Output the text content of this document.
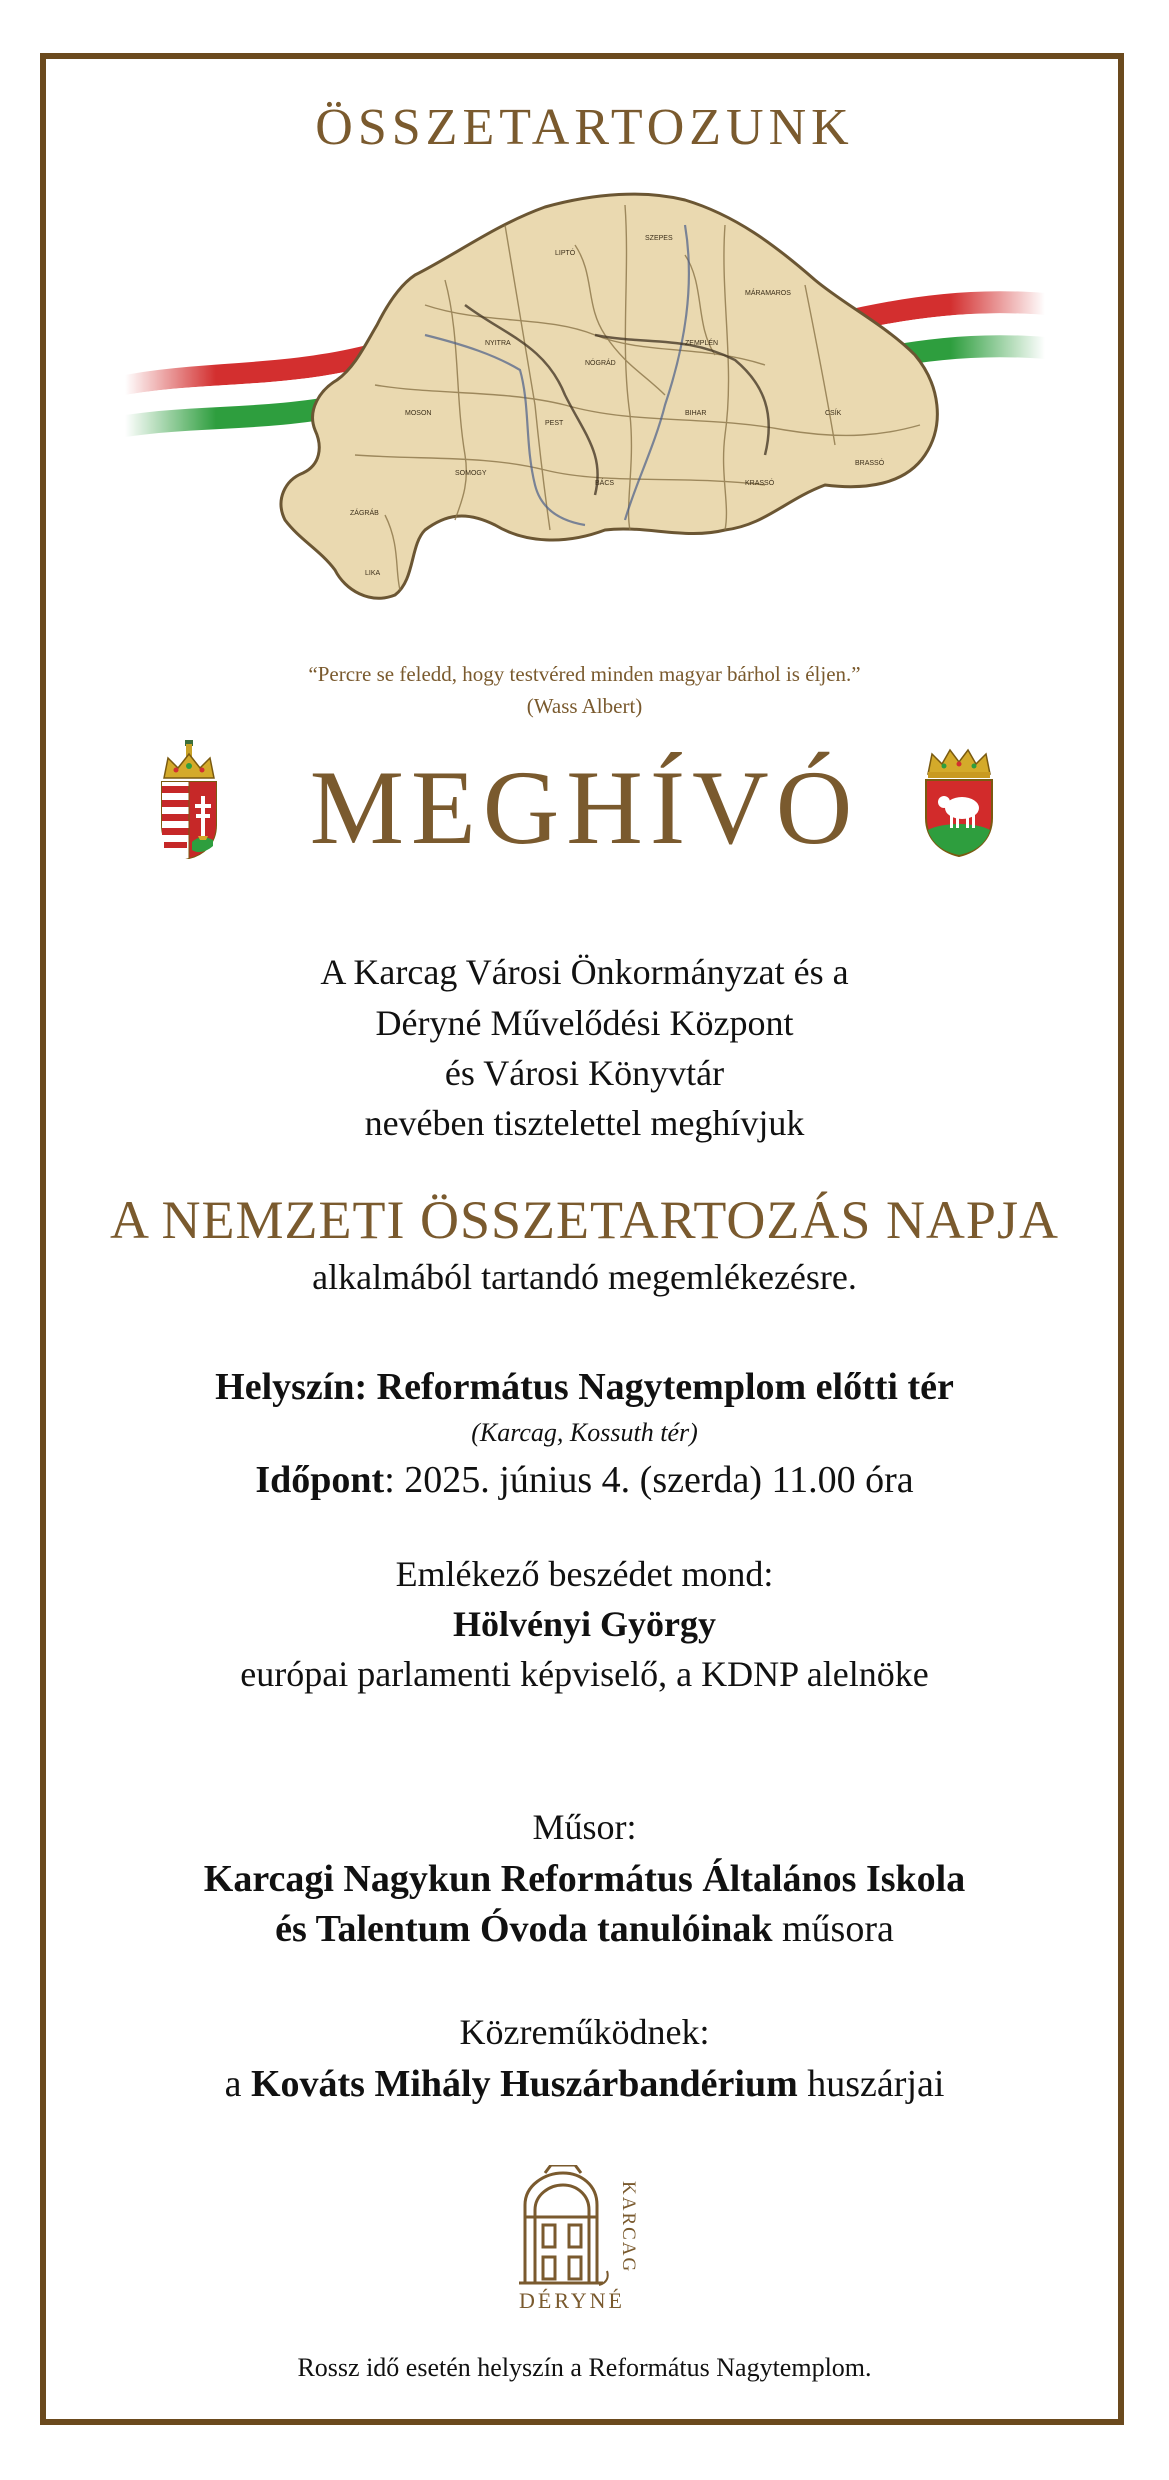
ÖSSZETARTOZUNK
LIPTÓ
SZEPES
MÁRAMAROS
NYITRA
NÓGRÁD
ZEMPLÉN
MOSON
PEST
BIHAR	CSÍK
SOMOGY
BÁCS	KRASSÓ
BRASSÓ
ZÁGRÁB
LIKA
“Percre se feledd, hogy testvéred minden magyar bárhol is éljen.”
(Wass Albert)
MEGHÍVÓ
A Karcag Városi Önkormányzat és a
Déryné Művelődési Központ
és Városi Könyvtár
nevében tisztelettel meghívjuk
A NEMZETI ÖSSZETARTOZÁS NAPJA
alkalmából tartandó megemlékezésre.
Helyszín: Református Nagytemplom előtti tér
(Karcag, Kossuth tér)
Időpont: 2025. június 4. (szerda) 11.00 óra
Emlékező beszédet mond:
Hölvényi György
európai parlamenti képviselő, a KDNP alelnöke
Műsor:
Karcagi Nagykun Református Általános Iskola
és Talentum Óvoda tanulóinak műsora
Közreműködnek:
a Kováts Mihály Huszárbandérium huszárjai
KARCAG
DÉRYNÉ
Rossz idő esetén helyszín a Református Nagytemplom.
